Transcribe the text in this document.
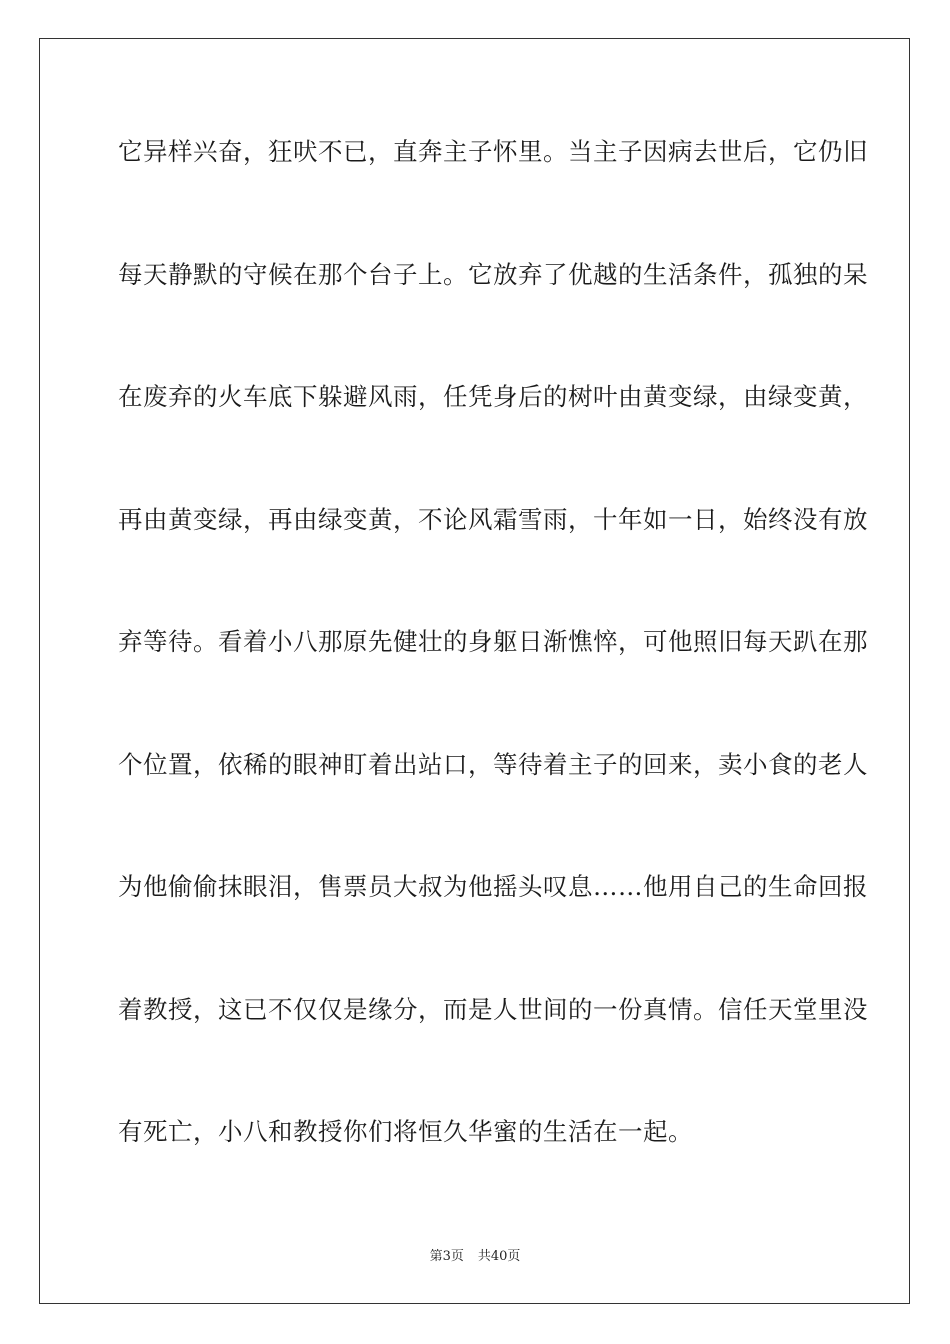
它异样兴奋，狂吠不已，直奔主子怀里。当主子因病去世后，它仍旧
每天静默的守候在那个台子上。它放弃了优越的生活条件，孤独的呆
在废弃的火车底下躲避风雨，任凭身后的树叶由黄变绿，由绿变黄，
再由黄变绿，再由绿变黄，不论风霜雪雨，十年如一日，始终没有放
弃等待。看着小八那原先健壮的身躯日渐憔悴，可他照旧每天趴在那
个位置，依稀的眼神盯着出站口，等待着主子的回来，卖小食的老人
为他偷偷抹眼泪，售票员大叔为他摇头叹息……他用自己的生命回报
着教授，这已不仅仅是缘分，而是人世间的一份真情。信任天堂里没
有死亡，小八和教授你们将恒久华蜜的生活在一起。
第3页 共40页
